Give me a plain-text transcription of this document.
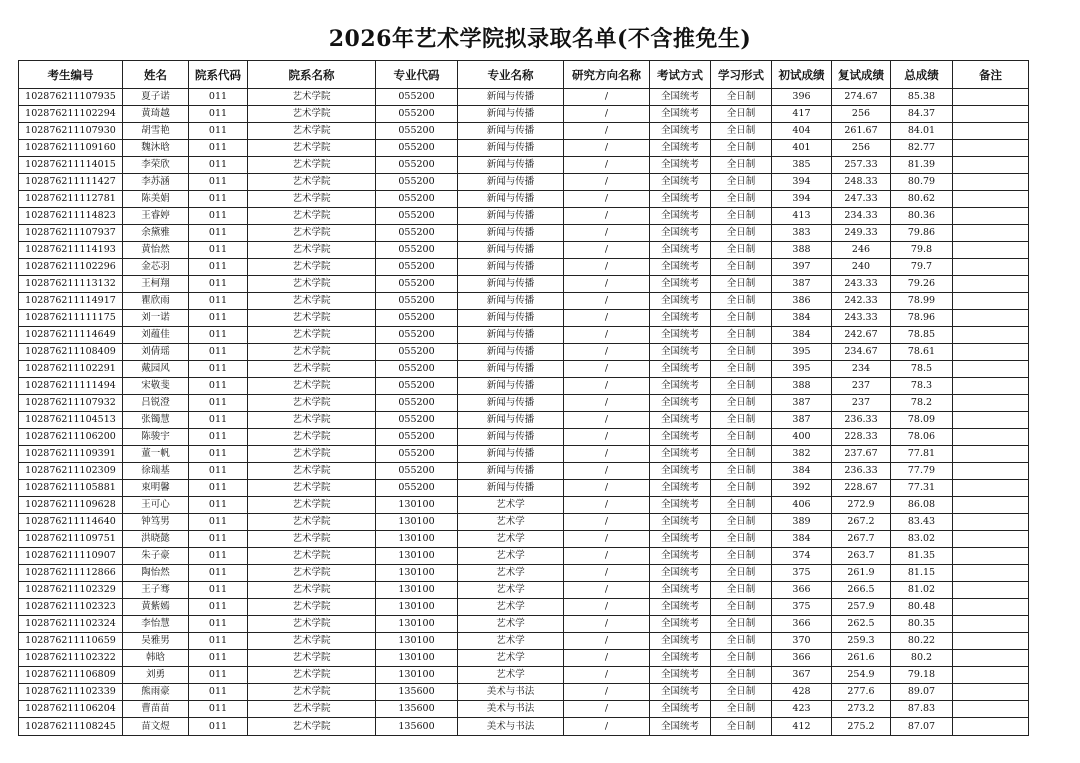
2026年艺术学院拟录取名单(不含推免生)
考生编号	姓名	院系代码	院系名称	专业代码	专业名称	研究方向名称	考试方式	学习形式	初试成绩	复试成绩	总成绩	备注
102876211107935	夏子诺	011	艺术学院	055200	新闻与传播	/	全国统考	全日制	396	274.67	85.38	
102876211102294	黄琦越	011	艺术学院	055200	新闻与传播	/	全国统考	全日制	417	256	84.37	
102876211107930	胡雪艳	011	艺术学院	055200	新闻与传播	/	全国统考	全日制	404	261.67	84.01	
102876211109160	魏沐晗	011	艺术学院	055200	新闻与传播	/	全国统考	全日制	401	256	82.77	
102876211114015	李荣欣	011	艺术学院	055200	新闻与传播	/	全国统考	全日制	385	257.33	81.39	
102876211111427	李苏涵	011	艺术学院	055200	新闻与传播	/	全国统考	全日制	394	248.33	80.79	
102876211112781	陈美娟	011	艺术学院	055200	新闻与传播	/	全国统考	全日制	394	247.33	80.62	
102876211114823	王睿婷	011	艺术学院	055200	新闻与传播	/	全国统考	全日制	413	234.33	80.36	
102876211107937	余黛雅	011	艺术学院	055200	新闻与传播	/	全国统考	全日制	383	249.33	79.86	
102876211114193	黄怡然	011	艺术学院	055200	新闻与传播	/	全国统考	全日制	388	246	79.8	
102876211102296	金芯羽	011	艺术学院	055200	新闻与传播	/	全国统考	全日制	397	240	79.7	
102876211113132	王柯翔	011	艺术学院	055200	新闻与传播	/	全国统考	全日制	387	243.33	79.26	
102876211114917	瞿欣雨	011	艺术学院	055200	新闻与传播	/	全国统考	全日制	386	242.33	78.99	
102876211111175	刘一诺	011	艺术学院	055200	新闻与传播	/	全国统考	全日制	384	243.33	78.96	
102876211114649	刘蕴佳	011	艺术学院	055200	新闻与传播	/	全国统考	全日制	384	242.67	78.85	
102876211108409	刘倩瑶	011	艺术学院	055200	新闻与传播	/	全国统考	全日制	395	234.67	78.61	
102876211102291	戴园风	011	艺术学院	055200	新闻与传播	/	全国统考	全日制	395	234	78.5	
102876211111494	宋敬斐	011	艺术学院	055200	新闻与传播	/	全国统考	全日制	388	237	78.3	
102876211107932	吕锐澄	011	艺术学院	055200	新闻与传播	/	全国统考	全日制	387	237	78.2	
102876211104513	张镯慧	011	艺术学院	055200	新闻与传播	/	全国统考	全日制	387	236.33	78.09	
102876211106200	陈骏宇	011	艺术学院	055200	新闻与传播	/	全国统考	全日制	400	228.33	78.06	
102876211109391	董一帆	011	艺术学院	055200	新闻与传播	/	全国统考	全日制	382	237.67	77.81	
102876211102309	徐瑞基	011	艺术学院	055200	新闻与传播	/	全国统考	全日制	384	236.33	77.79	
102876211105881	束明馨	011	艺术学院	055200	新闻与传播	/	全国统考	全日制	392	228.67	77.31	
102876211109628	王可心	011	艺术学院	130100	艺术学	/	全国统考	全日制	406	272.9	86.08	
102876211114640	钟笃男	011	艺术学院	130100	艺术学	/	全国统考	全日制	389	267.2	83.43	
102876211109751	洪晓懿	011	艺术学院	130100	艺术学	/	全国统考	全日制	384	267.7	83.02	
102876211110907	朱子豪	011	艺术学院	130100	艺术学	/	全国统考	全日制	374	263.7	81.35	
102876211112866	陶怡然	011	艺术学院	130100	艺术学	/	全国统考	全日制	375	261.9	81.15	
102876211102329	王子骞	011	艺术学院	130100	艺术学	/	全国统考	全日制	366	266.5	81.02	
102876211102323	黄紫嫣	011	艺术学院	130100	艺术学	/	全国统考	全日制	375	257.9	80.48	
102876211102324	李怡慧	011	艺术学院	130100	艺术学	/	全国统考	全日制	366	262.5	80.35	
102876211110659	吴雅男	011	艺术学院	130100	艺术学	/	全国统考	全日制	370	259.3	80.22	
102876211102322	韩晗	011	艺术学院	130100	艺术学	/	全国统考	全日制	366	261.6	80.2	
102876211106809	刘勇	011	艺术学院	130100	艺术学	/	全国统考	全日制	367	254.9	79.18	
102876211102339	熊雨豪	011	艺术学院	135600	美术与书法	/	全国统考	全日制	428	277.6	89.07	
102876211106204	曹苗苗	011	艺术学院	135600	美术与书法	/	全国统考	全日制	423	273.2	87.83	
102876211108245	苗文煜	011	艺术学院	135600	美术与书法	/	全国统考	全日制	412	275.2	87.07	
